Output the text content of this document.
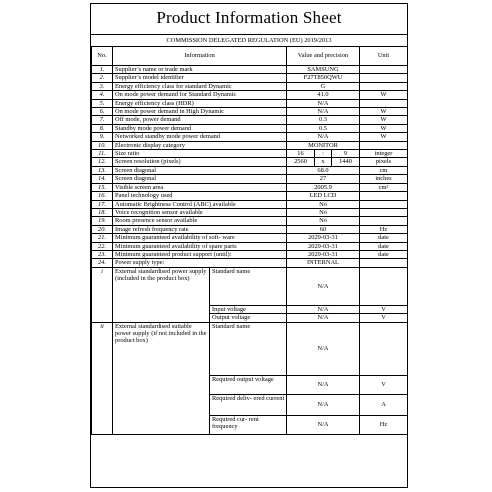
Product Information Sheet
COMMISSION DELEGATED REGULATION (EU) 2019/2013
No.	Information		Value and precision	Unit
1.	Supplier’s name or trade mark		SAMSUNG	
2.	Supplier’s model identifier		F27T850QWU	
3.	Energy efficiency class for standard Dynamic		G	
4.	On mode power demand for Standard Dynamic		41.0	W
5.	Energy efficiency class (HDR)		N/A	
6.	On mode power demand in High Dynamic		N/A	W
7.	Off mode, power demand		0.3	W
8.	Standby mode power demand		0.5	W
9.	Networked standby mode power demand		N/A	W
10.	Electronic display category		MONITOR	
11.	Size ratio		16 : 9	integer
12.	Screen resolution (pixels)		2560 x 1440	pixels
13.	Screen diagonal		68.0	cm
14.	Screen diagonal		27	inches
15.	Visible screen area		2005.9	cm²
16.	Panel technology used		LED LCD	
17.	Automatic Brightness Control (ABC) available		No	
18.	Voice recognition sensor available		No	
19.	Room presence sensor available		No	
20.	Image refresh frequency rate		60	Hz
21.	Minimum guaranteed availability of soft- ware		2029-03-31	date
22.	Minimum guaranteed availability of spare parts		2029-03-31	date
23.	Minimum guaranteed product support (until):		2029-03-31	date
24.	Power supply type:		INTERNAL	
i	External standardised power supply (included in the product box)	Standard name	N/A	
		Input voltage	N/A	V
		Output voltage	N/A	V
ii	External standardised suitable power supply (if not included in the product box)	Standard name	N/A	
		Required output voltage	N/A	V
		Required deliv- ered current	N/A	A
		Required cur- rent frequency	N/A	Hz
